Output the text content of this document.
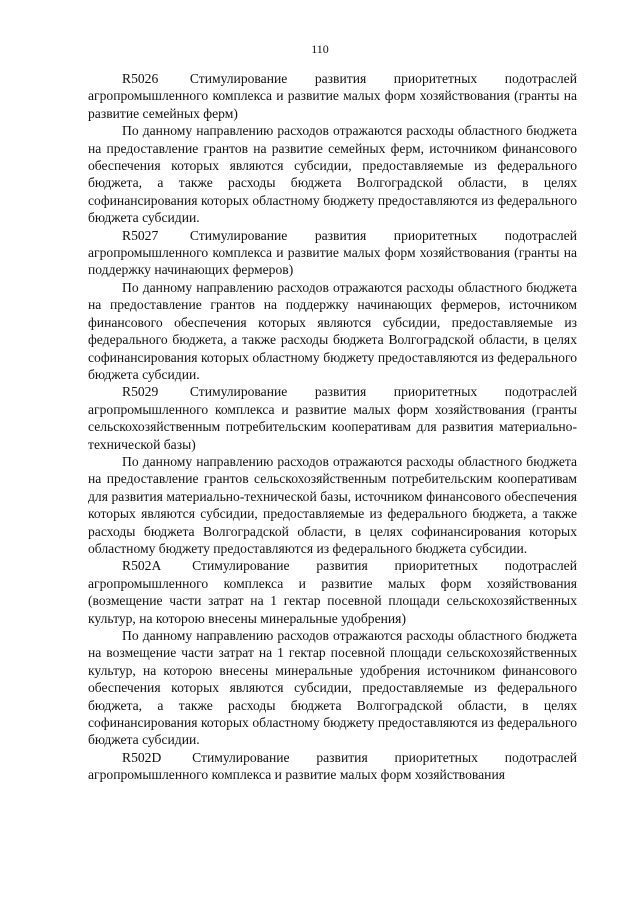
110

R5026 Стимулирование развития приоритетных подотраслей агропромышленного комплекса и развитие малых форм хозяйствования (гранты на развитие семейных ферм)

По данному направлению расходов отражаются расходы областного бюджета на предоставление грантов на развитие семейных ферм, источником финансового обеспечения которых являются субсидии, предоставляемые из федерального бюджета, а также расходы бюджета Волгоградской области, в целях софинансирования которых областному бюджету предоставляются из федерального бюджета субсидии.

R5027 Стимулирование развития приоритетных подотраслей агропромышленного комплекса и развитие малых форм хозяйствования (гранты на поддержку начинающих фермеров)

По данному направлению расходов отражаются расходы областного бюджета на предоставление грантов на поддержку начинающих фермеров, источником финансового обеспечения которых являются субсидии, предоставляемые из федерального бюджета, а также расходы бюджета Волгоградской области, в целях софинансирования которых областному бюджету предоставляются из федерального бюджета субсидии.

R5029 Стимулирование развития приоритетных подотраслей агропромышленного комплекса и развитие малых форм хозяйствования (гранты сельскохозяйственным потребительским кооперативам для развития материально-технической базы)

По данному направлению расходов отражаются расходы областного бюджета на предоставление грантов сельскохозяйственным потребительским кооперативам для развития материально-технической базы, источником финансового обеспечения которых являются субсидии, предоставляемые из федерального бюджета, а также расходы бюджета Волгоградской области, в целях софинансирования которых областному бюджету предоставляются из федерального бюджета субсидии.

R502А Стимулирование развития приоритетных подотраслей агропромышленного комплекса и развитие малых форм хозяйствования (возмещение части затрат на 1 гектар посевной площади сельскохозяйственных культур, на которою внесены минеральные удобрения)

По данному направлению расходов отражаются расходы областного бюджета на возмещение части затрат на 1 гектар посевной площади сельскохозяйственных культур, на которою внесены минеральные удобрения источником финансового обеспечения которых являются субсидии, предоставляемые из федерального бюджета, а также расходы бюджета Волгоградской области, в целях софинансирования которых областному бюджету предоставляются из федерального бюджета субсидии.

R502D Стимулирование развития приоритетных подотраслей агропромышленного комплекса и развитие малых форм хозяйствования
